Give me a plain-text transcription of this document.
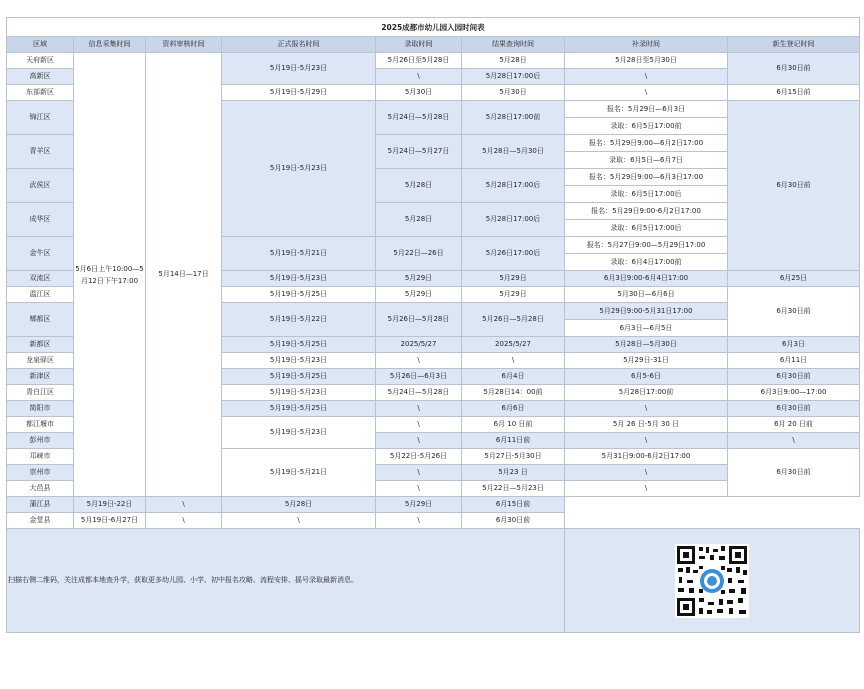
2025成都市幼儿园入园时间表							
区域	信息采集时间	资料审核时间	正式报名时间	录取时间	结果查询时间	补录时间	新生登记时间
天府新区	5月6日上午10:00—5月12日下午17:00	5月14日—17日	5月19日-5月23日	5月26日至5月28日	5月28日	5月28日至5月30日	6月30日前
高新区				\	5月28日17:00后	\	
东部新区			5月19日-5月29日	5月30日	5月30日	\	6月15日前
锦江区			5月19日-5月23日	5月24日—5月28日	5月28日17:00前	报名：5月29日—6月3日	6月30日前
						录取：6月5日17:00前	
青羊区				5月24日—5月27日	5月28日—5月30日	报名：5月29日9:00—6月2日17:00	
						录取：6月5日—6月7日	
武侯区				5月28日	5月28日17:00后	报名：5月29日9:00—6月3日17:00	
						录取：6月5日17:00后	
成华区				5月28日	5月28日17:00后	报名：5月29日9:00-6月2日17:00	
						录取：6月5日17:00后	
金牛区			5月19日-5月21日	5月22日—26日	5月26日17:00后	报名：5月27日9:00—5月29日17:00	
						录取：6月4日17:00前	
双流区			5月19日-5月23日	5月29日	5月29日	6月3日9:00-6月4日17:00	6月25日
温江区			5月19日-5月25日	5月29日	5月29日	5月30日—6月6日	6月30日前
郫都区			5月19日-5月22日	5月26日—5月28日	5月26日—5月28日	5月29日9:00-5月31日17:00	
						6月3日—6月5日	
新都区			5月19日-5月25日	2025/5/27	2025/5/27	5月28日—5月30日	6月3日
龙泉驿区			5月19日-5月23日	\	\	5月29日-31日	6月11日
新津区			5月19日-5月25日	5月26日—6月3日	6月4日	6月5-6日	6月30日前
青白江区			5月19日-5月23日	5月24日—5月28日	5月28日14：00前	5月28日17:00前	6月3日9:00—17:00
简阳市			5月19日-5月25日	\	6月6日	\	6月30日前
都江堰市			5月19日-5月23日	\	6月 10 日前	5月 26 日-5月 30 日	6月 20 日前
彭州市				\	6月11日前	\	\
邛崃市			5月19日-5月21日	5月22日-5月26日	5月27日-5月30日	5月31日9:00-6月2日17:00	6月30日前
崇州市				\	5月23 日	\	
大邑县				\	5月22日—5月23日	\	
蒲江县	5月19日-22日	\	5月28日	5月29日	6月15日前		
金堂县	5月19日-6月27日	\	\	\	6月30日前		
扫描右侧二维码，关注成都本地查升学，获取更多幼儿园、小学、初中报名攻略、流程安排、摇号录取最新消息。	
